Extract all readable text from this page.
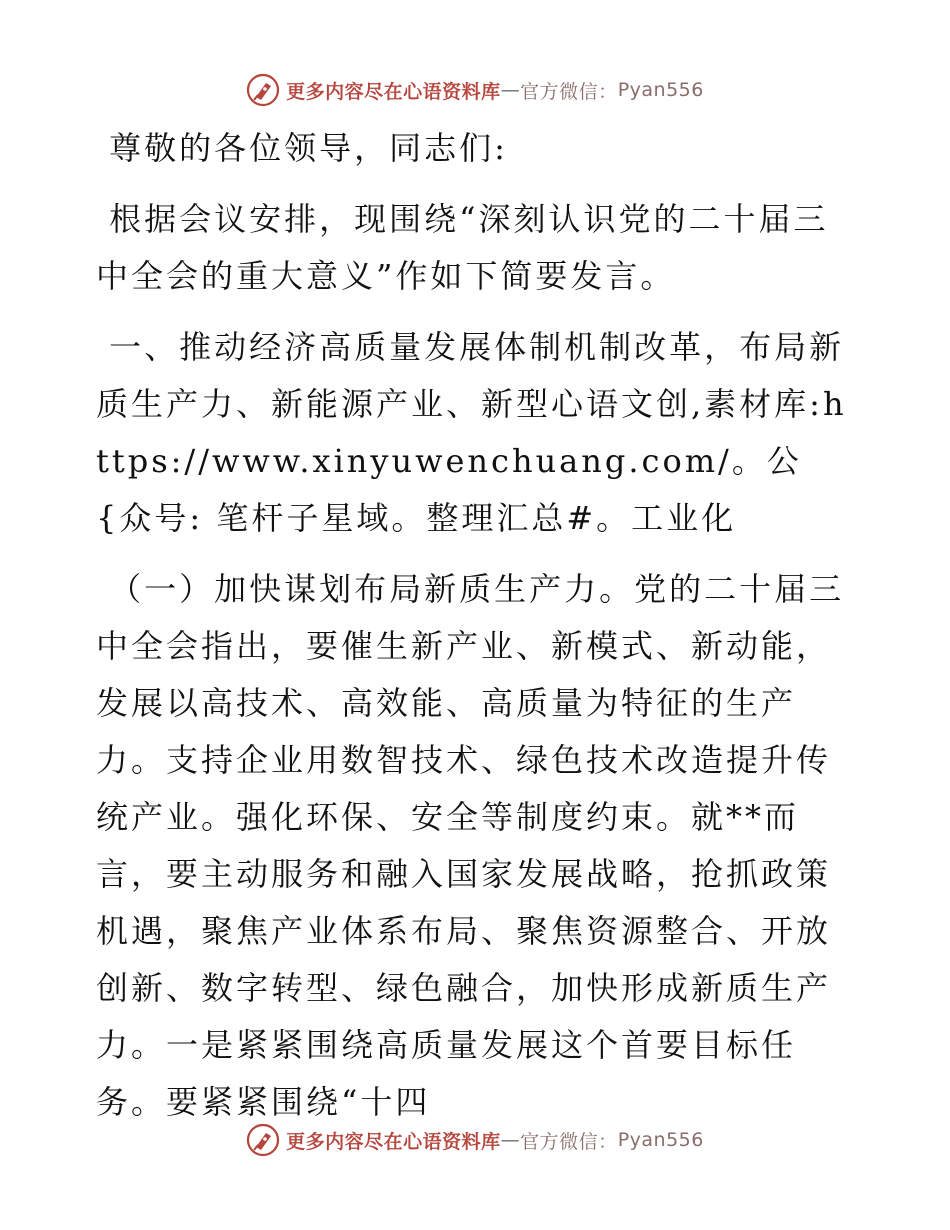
更多内容尽在心语资料库 — 官方微信： Pyan556

尊敬的各位领导，同志们:

根据会议安排，现围绕“深刻认识党的二十届三中全会的重大意义”作如下简要发言。

一、推动经济高质量发展体制机制改革，布局新质生产力、新能源产业、新型心语文创,素材库:https://www.xinyuwenchuang.com/。公{众号: 笔杆子星域。整理汇总#。工业化

（一）加快谋划布局新质生产力。党的二十届三中全会指出，要催生新产业、新模式、新动能，发展以高技术、高效能、高质量为特征的生产力。支持企业用数智技术、绿色技术改造提升传统产业。强化环保、安全等制度约束。就**而言，要主动服务和融入国家发展战略，抢抓政策机遇，聚焦产业体系布局、聚焦资源整合、开放创新、数字转型、绿色融合，加快形成新质生产力。一是紧紧围绕高质量发展这个首要目标任务。要紧紧围绕“十四

更多内容尽在心语资料库 — 官方微信： Pyan556
